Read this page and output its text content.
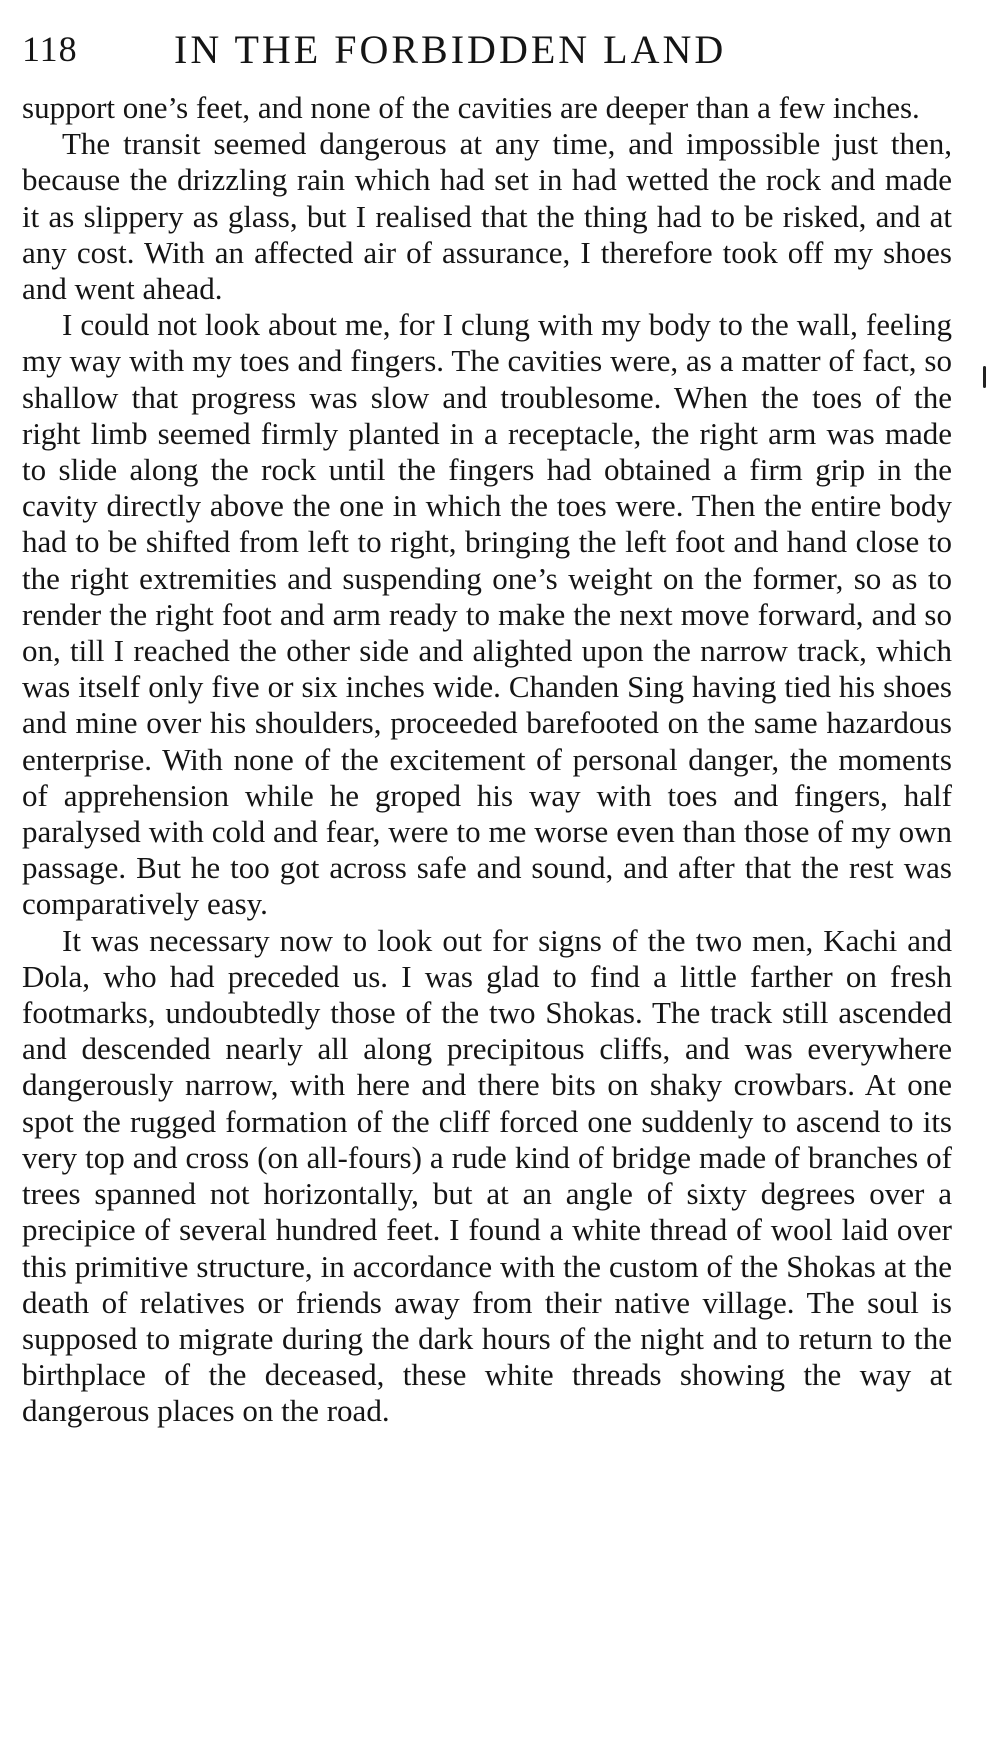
118 IN THE FORBIDDEN LAND

support one’s feet, and none of the cavities are deeper than a few inches.

The transit seemed dangerous at any time, and impossible just then, because the drizzling rain which had set in had wetted the rock and made it as slippery as glass, but I realised that the thing had to be risked, and at any cost. With an affected air of assurance, I therefore took off my shoes and went ahead.

I could not look about me, for I clung with my body to the wall, feeling my way with my toes and fingers. The cavities were, as a matter of fact, so shallow that progress was slow and troublesome. When the toes of the right limb seemed firmly planted in a receptacle, the right arm was made to slide along the rock until the fingers had obtained a firm grip in the cavity directly above the one in which the toes were. Then the entire body had to be shifted from left to right, bringing the left foot and hand close to the right extremities and suspending one’s weight on the former, so as to render the right foot and arm ready to make the next move forward, and so on, till I reached the other side and alighted upon the narrow track, which was itself only five or six inches wide. Chanden Sing having tied his shoes and mine over his shoulders, proceeded barefooted on the same hazardous enterprise. With none of the excitement of personal danger, the moments of apprehension while he groped his way with toes and fingers, half paralysed with cold and fear, were to me worse even than those of my own passage. But he too got across safe and sound, and after that the rest was comparatively easy.

It was necessary now to look out for signs of the two men, Kachi and Dola, who had preceded us. I was glad to find a little farther on fresh footmarks, undoubtedly those of the two Shokas. The track still ascended and descended nearly all along precipitous cliffs, and was everywhere dangerously narrow, with here and there bits on shaky crowbars. At one spot the rugged formation of the cliff forced one suddenly to ascend to its very top and cross (on all-fours) a rude kind of bridge made of branches of trees spanned not horizontally, but at an angle of sixty degrees over a precipice of several hundred feet. I found a white thread of wool laid over this primitive structure, in accordance with the custom of the Shokas at the death of relatives or friends away from their native village. The soul is supposed to migrate during the dark hours of the night and to return to the birthplace of the deceased, these white threads showing the way at dangerous places on the road.
